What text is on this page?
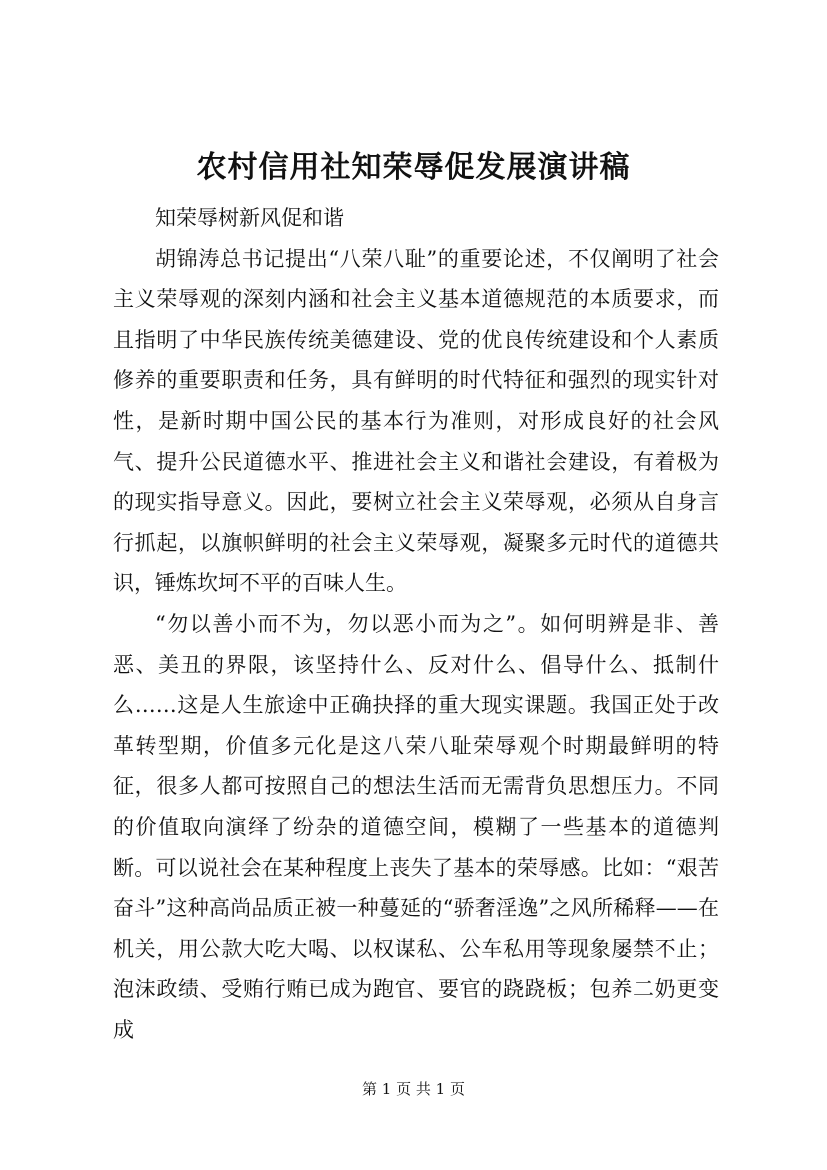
农村信用社知荣辱促发展演讲稿

知荣辱树新风促和谐

胡锦涛总书记提出“八荣八耻”的重要论述，不仅阐明了社会主义荣辱观的深刻内涵和社会主义基本道德规范的本质要求，而且指明了中华民族传统美德建设、党的优良传统建设和个人素质修养的重要职责和任务，具有鲜明的时代特征和强烈的现实针对性，是新时期中国公民的基本行为准则，对形成良好的社会风气、提升公民道德水平、推进社会主义和谐社会建设，有着极为的现实指导意义。因此，要树立社会主义荣辱观，必须从自身言行抓起，以旗帜鲜明的社会主义荣辱观，凝聚多元时代的道德共识，锤炼坎坷不平的百味人生。

“勿以善小而不为，勿以恶小而为之”。如何明辨是非、善恶、美丑的界限，该坚持什么、反对什么、倡导什么、抵制什么……这是人生旅途中正确抉择的重大现实课题。我国正处于改革转型期，价值多元化是这八荣八耻荣辱观个时期最鲜明的特征，很多人都可按照自己的想法生活而无需背负思想压力。不同的价值取向演绎了纷杂的道德空间，模糊了一些基本的道德判断。可以说社会在某种程度上丧失了基本的荣辱感。比如：“艰苦奋斗”这种高尚品质正被一种蔓延的“骄奢淫逸”之风所稀释——在机关，用公款大吃大喝、以权谋私、公车私用等现象屡禁不止；泡沫政绩、受贿行贿已成为跑官、要官的跷跷板；包养二奶更变成

第 1 页 共 1 页
